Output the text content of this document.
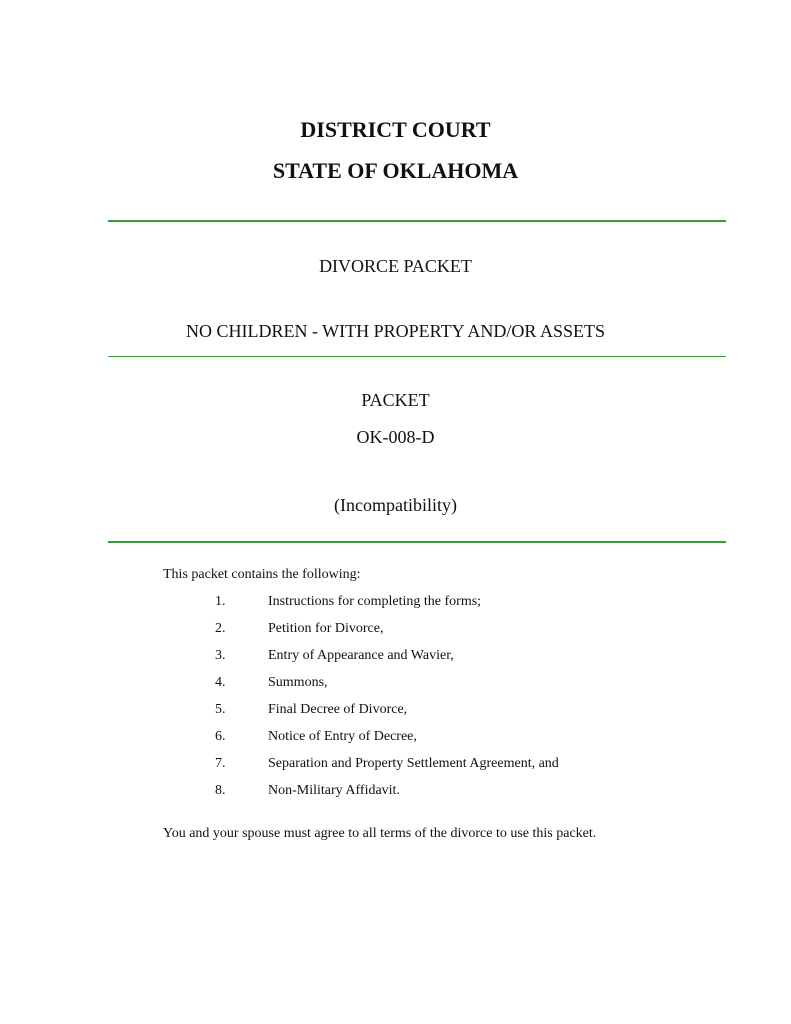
DISTRICT COURT
STATE OF OKLAHOMA
DIVORCE PACKET
NO CHILDREN - WITH PROPERTY AND/OR ASSETS
PACKET
OK-008-D
(Incompatibility)
This packet contains the following:
1.	Instructions for completing the forms;
2.	Petition for Divorce,
3.	Entry of Appearance and Wavier,
4.	Summons,
5.	Final Decree of Divorce,
6.	Notice of Entry of Decree,
7.	Separation and Property Settlement Agreement, and
8.	Non-Military Affidavit.
You and your spouse must agree to all terms of the divorce to use this packet.
